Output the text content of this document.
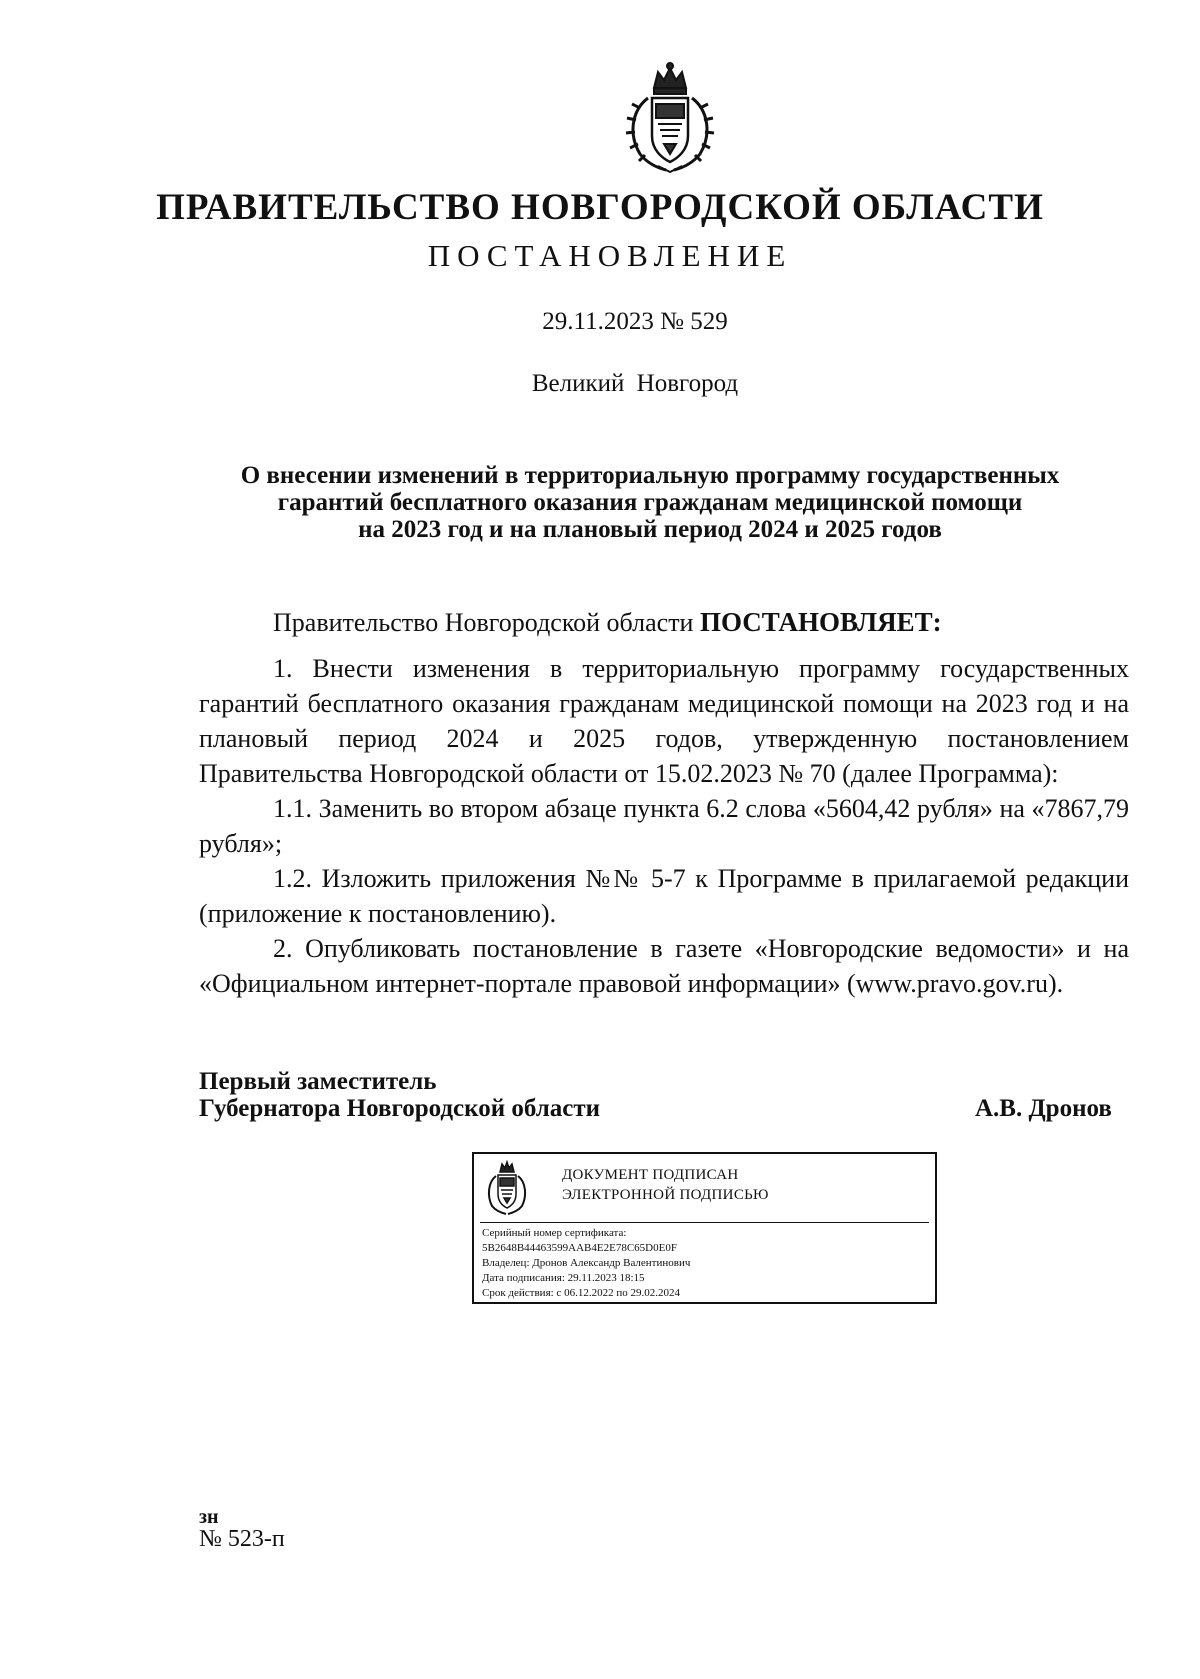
ПРАВИТЕЛЬСТВО НОВГОРОДСКОЙ ОБЛАСТИ
ПОСТАНОВЛЕНИЕ
29.11.2023 № 529
Великий Новгород
О внесении изменений в территориальную программу государственных
гарантий бесплатного оказания гражданам медицинской помощи
на 2023 год и на плановый период 2024 и 2025 годов
Правительство Новгородской области ПОСТАНОВЛЯЕТ:

1. Внести изменения в территориальную программу государственных гарантий бесплатного оказания гражданам медицинской помощи на 2023 год и на плановый период 2024 и 2025 годов, утвержденную постановлением Правительства Новгородской области от 15.02.2023 № 70 (далее Программа):

1.1. Заменить во втором абзаце пункта 6.2 слова «5604,42 рубля» на «7867,79 рубля»;

1.2. Изложить приложения №№ 5-7 к Программе в прилагаемой редакции (приложение к постановлению).

2. Опубликовать постановление в газете «Новгородские ведомости» и на «Официальном интернет-портале правовой информации» (www.pravo.gov.ru).

Первый заместитель
Губернатора Новгородской области	А.В. Дронов
ДОКУМЕНТ ПОДПИСАН
ЭЛЕКТРОННОЙ ПОДПИСЬЮ
Серийный номер сертификата:
5B2648B44463599AAB4E2E78C65D0E0F
Владелец: Дронов Александр Валентинович
Дата подписания: 29.11.2023 18:15
Срок действия: с 06.12.2022 по 29.02.2024
зн
№ 523-п
